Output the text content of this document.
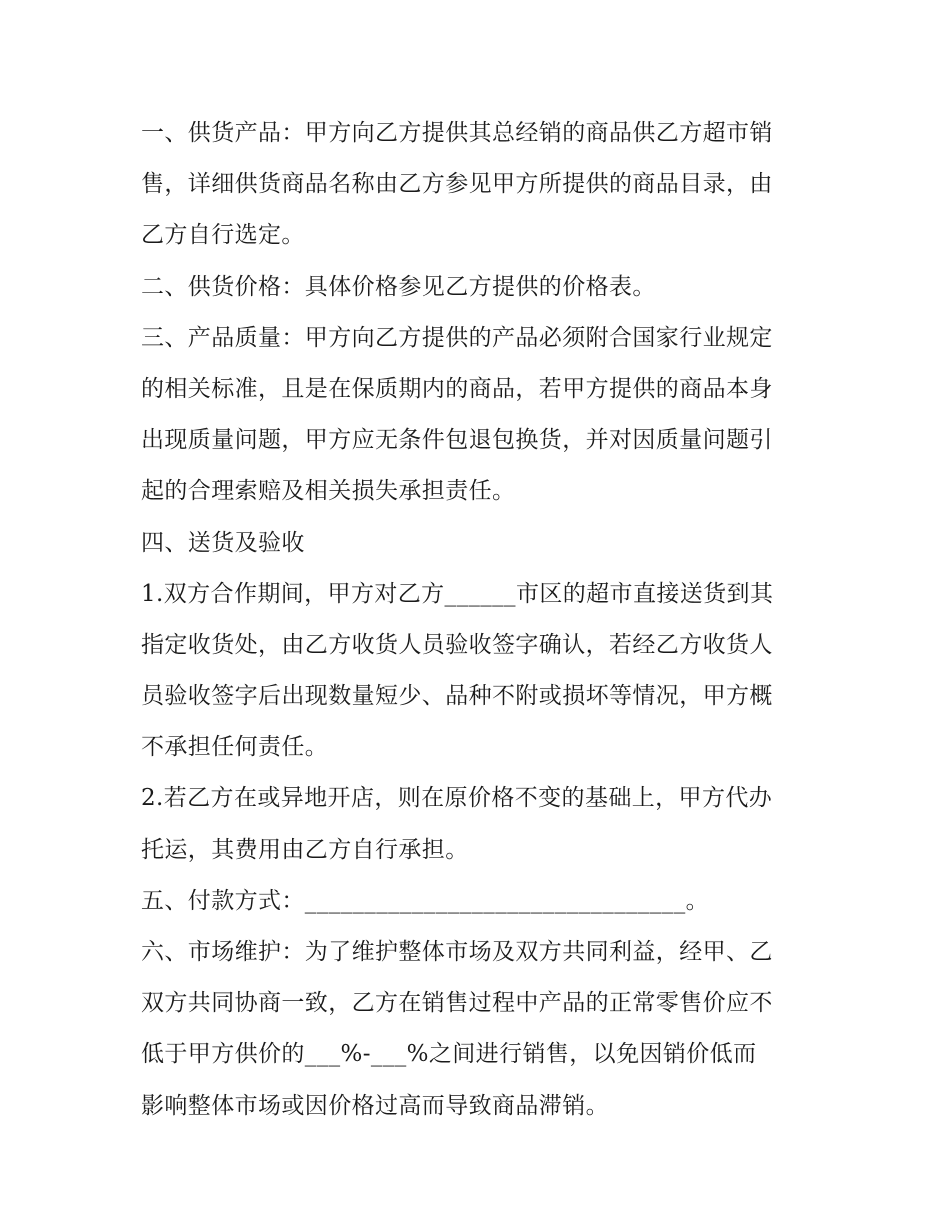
一、供货产品：甲方向乙方提供其总经销的商品供乙方超市销
售，详细供货商品名称由乙方参见甲方所提供的商品目录，由
乙方自行选定。
二、供货价格：具体价格参见乙方提供的价格表。
三、产品质量：甲方向乙方提供的产品必须附合国家行业规定
的相关标准，且是在保质期内的商品，若甲方提供的商品本身
出现质量问题，甲方应无条件包退包换货，并对因质量问题引
起的合理索赔及相关损失承担责任。
四、送货及验收
1.双方合作期间，甲方对乙方______市区的超市直接送货到其
指定收货处，由乙方收货人员验收签字确认，若经乙方收货人
员验收签字后出现数量短少、品种不附或损坏等情况，甲方概
不承担任何责任。
2.若乙方在或异地开店，则在原价格不变的基础上，甲方代办
托运，其费用由乙方自行承担。
五、付款方式：________________________________。
六、市场维护：为了维护整体市场及双方共同利益，经甲、乙
双方共同协商一致，乙方在销售过程中产品的正常零售价应不
低于甲方供价的___%-___%之间进行销售，以免因销价低而
影响整体市场或因价格过高而导致商品滞销。
